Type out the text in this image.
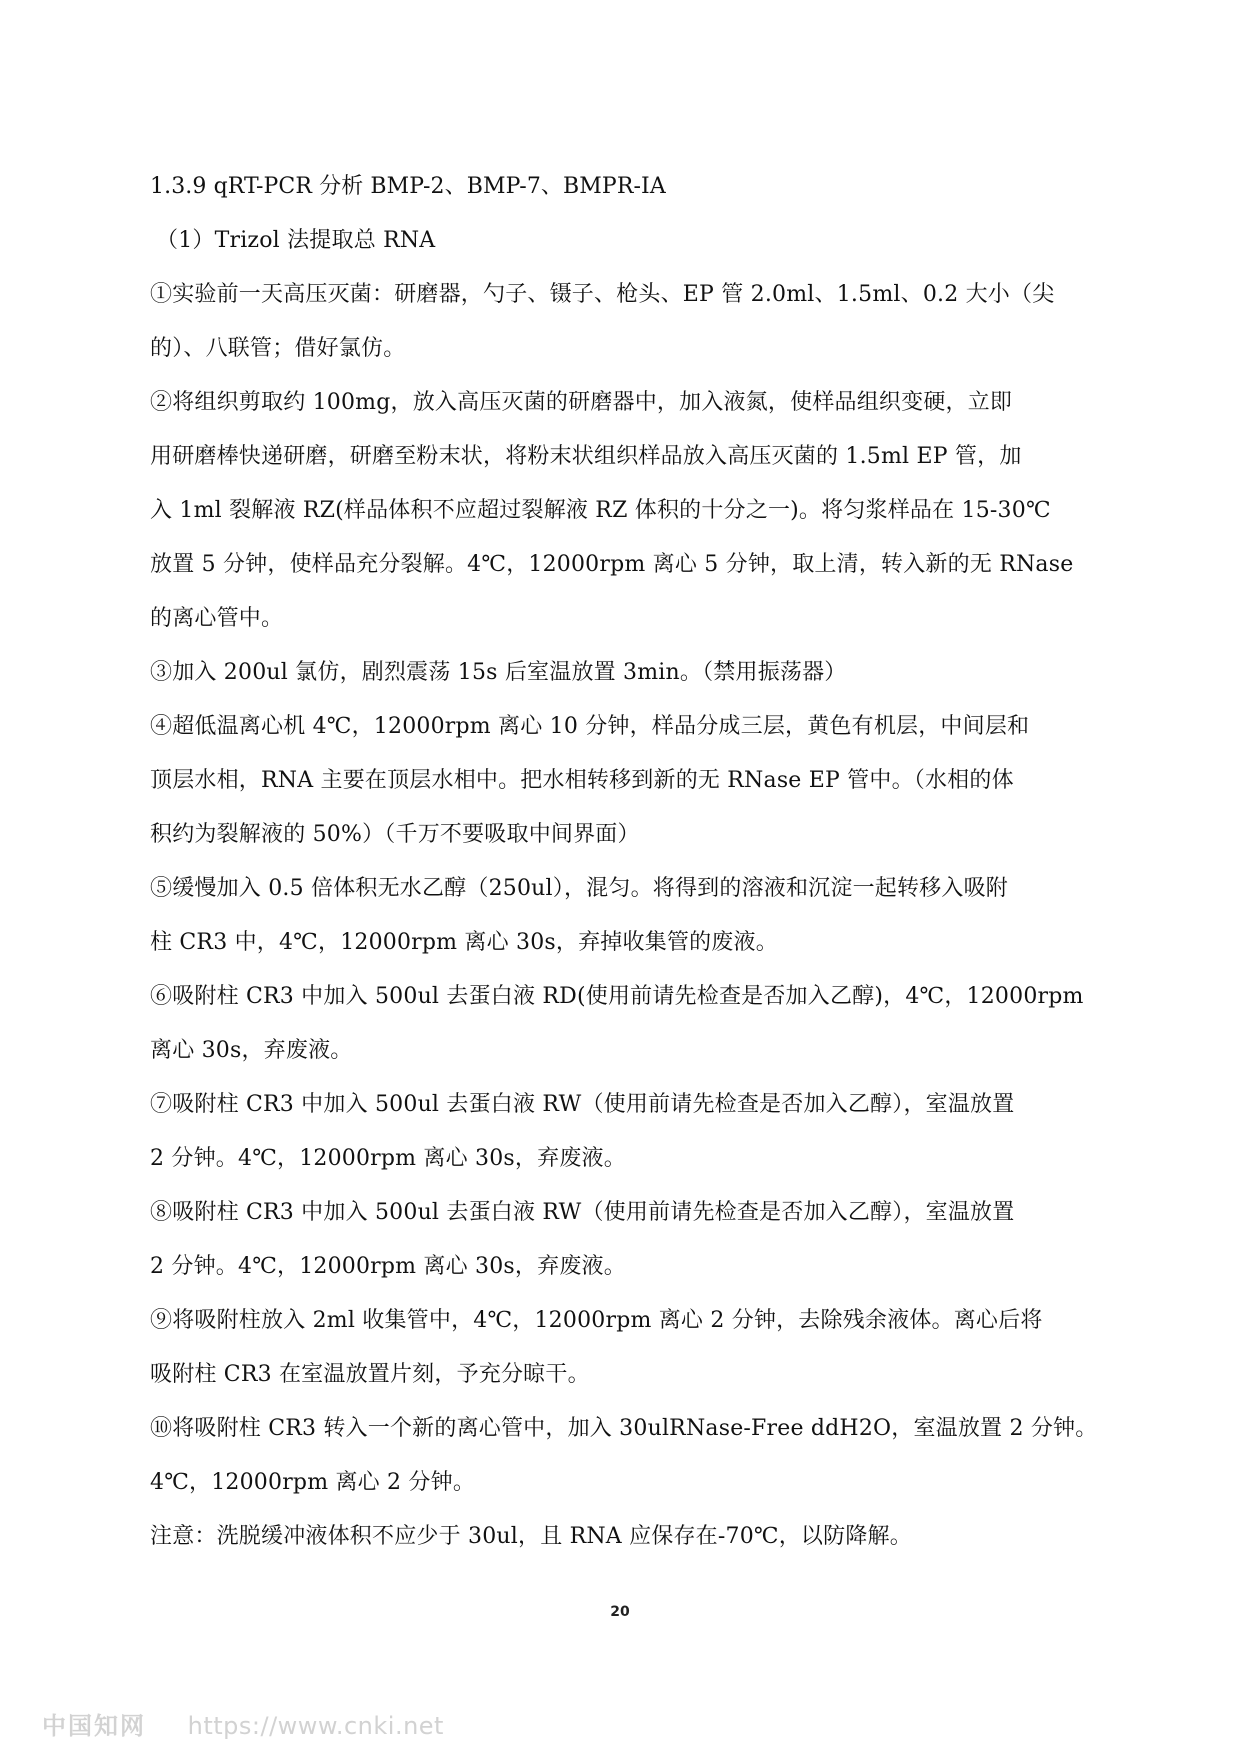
1.3.9 qRT-PCR 分析 BMP-2、BMP-7、BMPR-IA
（1）Trizol 法提取总 RNA
①实验前一天高压灭菌：研磨器，勺子、镊子、枪头、EP 管 2.0ml、1.5ml、0.2 大小（尖
的）、八联管；借好氯仿。
②将组织剪取约 100mg，放入高压灭菌的研磨器中，加入液氮，使样品组织变硬，立即
用研磨棒快递研磨，研磨至粉末状，将粉末状组织样品放入高压灭菌的 1.5ml EP 管，加
入 1ml 裂解液 RZ(样品体积不应超过裂解液 RZ 体积的十分之一)。将匀浆样品在 15-30℃
放置 5 分钟，使样品充分裂解。4℃，12000rpm 离心 5 分钟，取上清，转入新的无 RNase
的离心管中。
③加入 200ul 氯仿，剧烈震荡 15s 后室温放置 3min。（禁用振荡器）
④超低温离心机 4℃，12000rpm 离心 10 分钟，样品分成三层，黄色有机层，中间层和
顶层水相，RNA 主要在顶层水相中。把水相转移到新的无 RNase EP 管中。（水相的体
积约为裂解液的 50%）（千万不要吸取中间界面）
⑤缓慢加入 0.5 倍体积无水乙醇（250ul），混匀。将得到的溶液和沉淀一起转移入吸附
柱 CR3 中，4℃，12000rpm 离心 30s，弃掉收集管的废液。
⑥吸附柱 CR3 中加入 500ul 去蛋白液 RD(使用前请先检查是否加入乙醇)，4℃，12000rpm
离心 30s，弃废液。
⑦吸附柱 CR3 中加入 500ul 去蛋白液 RW（使用前请先检查是否加入乙醇），室温放置
2 分钟。4℃，12000rpm 离心 30s，弃废液。
⑧吸附柱 CR3 中加入 500ul 去蛋白液 RW（使用前请先检查是否加入乙醇），室温放置
2 分钟。4℃，12000rpm 离心 30s，弃废液。
⑨将吸附柱放入 2ml 收集管中，4℃，12000rpm 离心 2 分钟，去除残余液体。离心后将
吸附柱 CR3 在室温放置片刻，予充分晾干。
⑩将吸附柱 CR3 转入一个新的离心管中，加入 30ulRNase-Free ddH2O，室温放置 2 分钟。
4℃，12000rpm 离心 2 分钟。
注意：洗脱缓冲液体积不应少于 30ul，且 RNA 应保存在-70℃，以防降解。
20
中国知网 https://www.cnki.net
